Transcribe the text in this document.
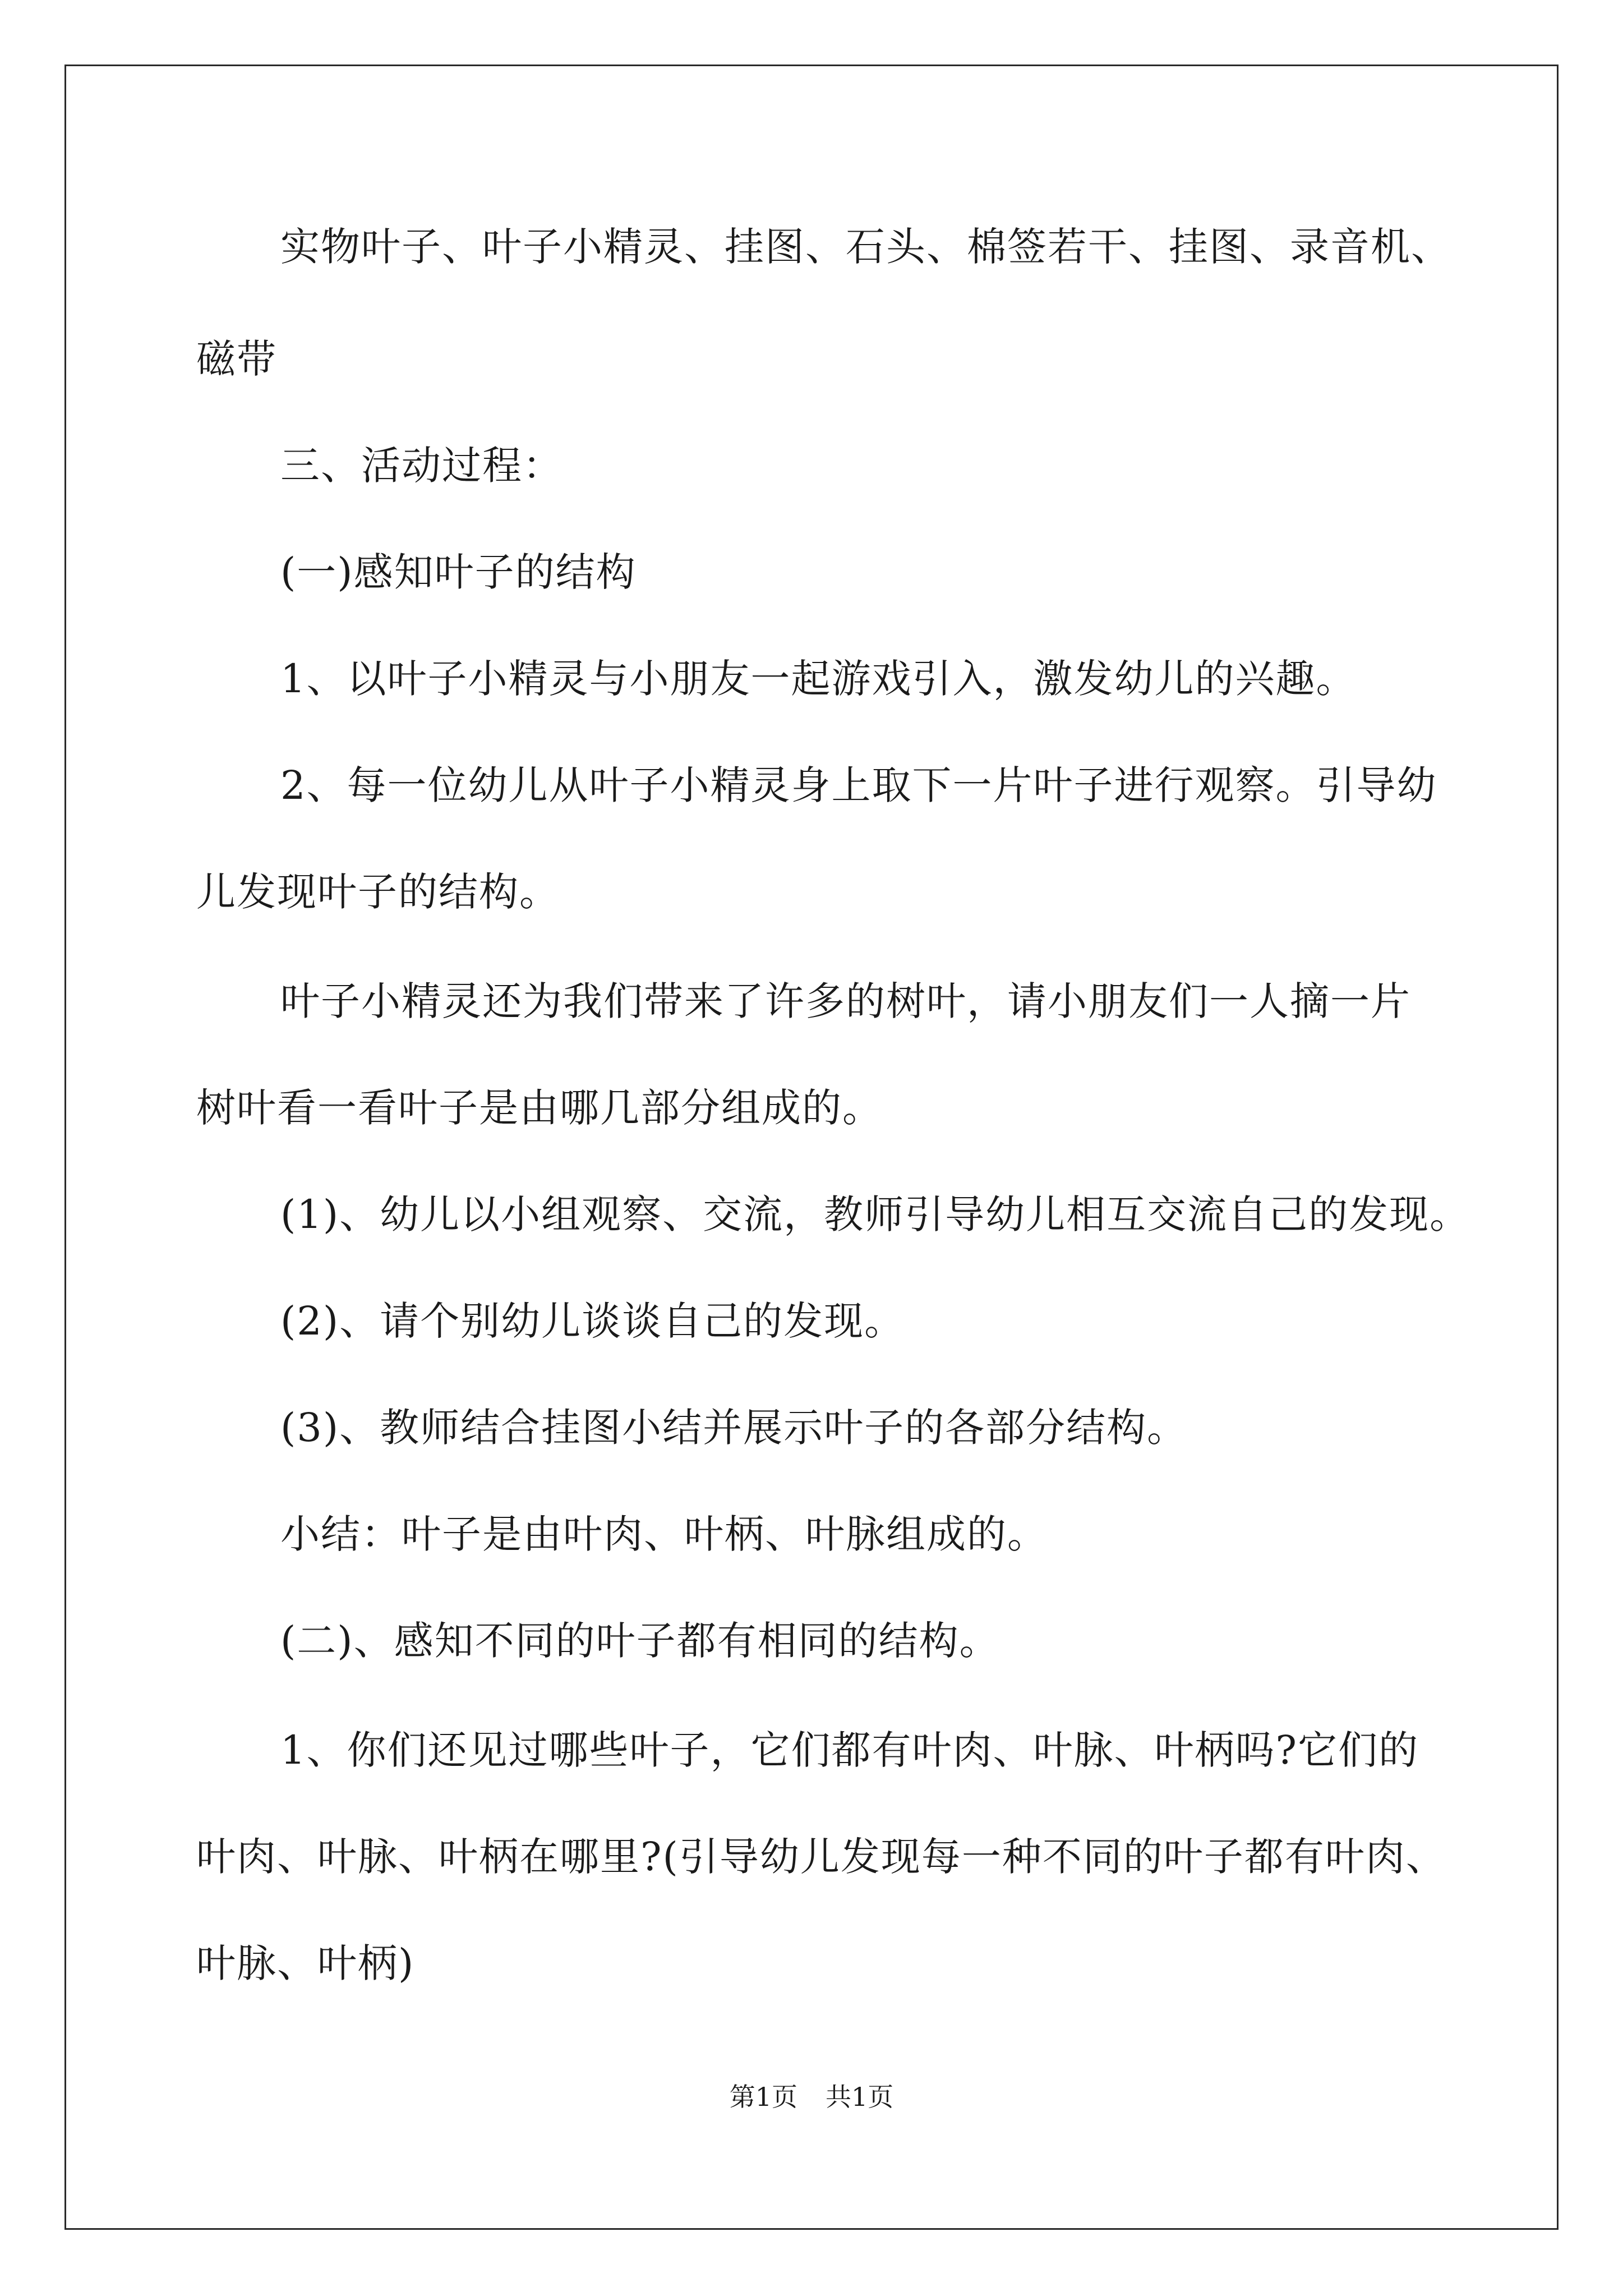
实物叶子、叶子小精灵、挂图、石头、棉签若干、挂图、录音机、
磁带
三、活动过程：
(一)感知叶子的结构
1、以叶子小精灵与小朋友一起游戏引入，激发幼儿的兴趣。
2、每一位幼儿从叶子小精灵身上取下一片叶子进行观察。引导幼
儿发现叶子的结构。
叶子小精灵还为我们带来了许多的树叶，请小朋友们一人摘一片
树叶看一看叶子是由哪几部分组成的。
(1)、幼儿以小组观察、交流，教师引导幼儿相互交流自己的发现。
(2)、请个别幼儿谈谈自己的发现。
(3)、教师结合挂图小结并展示叶子的各部分结构。
小结：叶子是由叶肉、叶柄、叶脉组成的。
(二)、感知不同的叶子都有相同的结构。
1、你们还见过哪些叶子，它们都有叶肉、叶脉、叶柄吗?它们的
叶肉、叶脉、叶柄在哪里?(引导幼儿发现每一种不同的叶子都有叶肉、
叶脉、叶柄)
第1页 共1页
